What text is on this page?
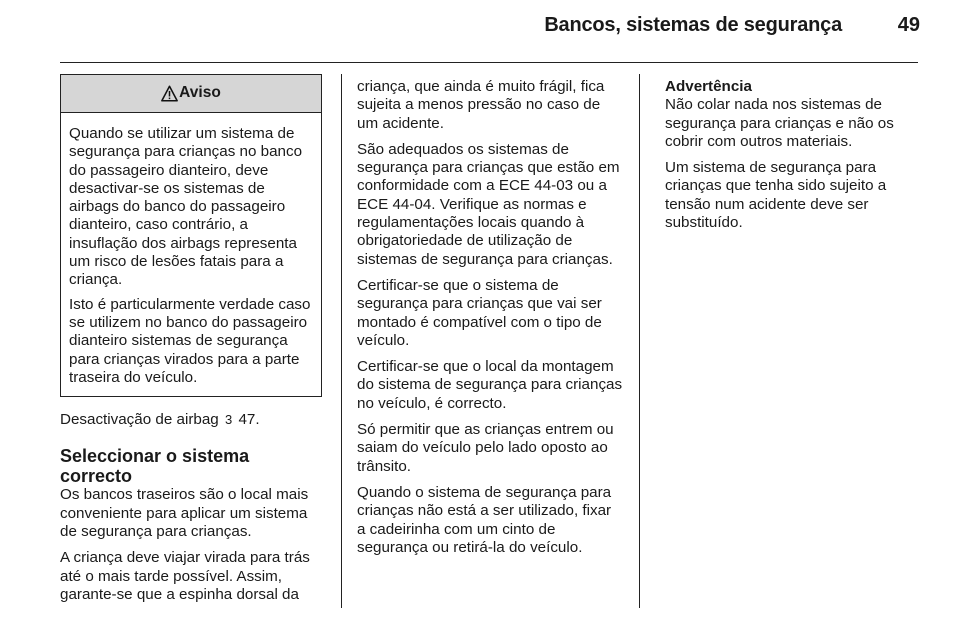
Bancos, sistemas de segurança	49
Aviso

Quando se utilizar um sistema de segurança para crianças no banco do passageiro dianteiro, deve desactivar-se os sistemas de airbags do banco do passageiro dianteiro, caso contrário, a insuflação dos airbags representa um risco de lesões fatais para a criança.

Isto é particularmente verdade caso se utilizem no banco do passageiro dianteiro sistemas de segurança para crianças virados para a parte traseira do veículo.

Desactivação de airbag 3 47.

Seleccionar o sistema correcto

Os bancos traseiros são o local mais conveniente para aplicar um sistema de segurança para crianças.

A criança deve viajar virada para trás até o mais tarde possível. Assim, garante-se que a espinha dorsal da

criança, que ainda é muito frágil, fica sujeita a menos pressão no caso de um acidente.

São adequados os sistemas de segurança para crianças que estão em conformidade com a ECE 44-03 ou a ECE 44-04. Verifique as normas e regulamentações locais quando à obrigatoriedade de utilização de sistemas de segurança para crianças.

Certificar-se que o sistema de segurança para crianças que vai ser montado é compatível com o tipo de veículo.

Certificar-se que o local da montagem do sistema de segurança para crianças no veículo, é correcto.

Só permitir que as crianças entrem ou saiam do veículo pelo lado oposto ao trânsito.

Quando o sistema de segurança para crianças não está a ser utilizado, fixar a cadeirinha com um cinto de segurança ou retirá-la do veículo.

Advertência
Não colar nada nos sistemas de segurança para crianças e não os cobrir com outros materiais.

Um sistema de segurança para crianças que tenha sido sujeito a tensão num acidente deve ser substituído.
